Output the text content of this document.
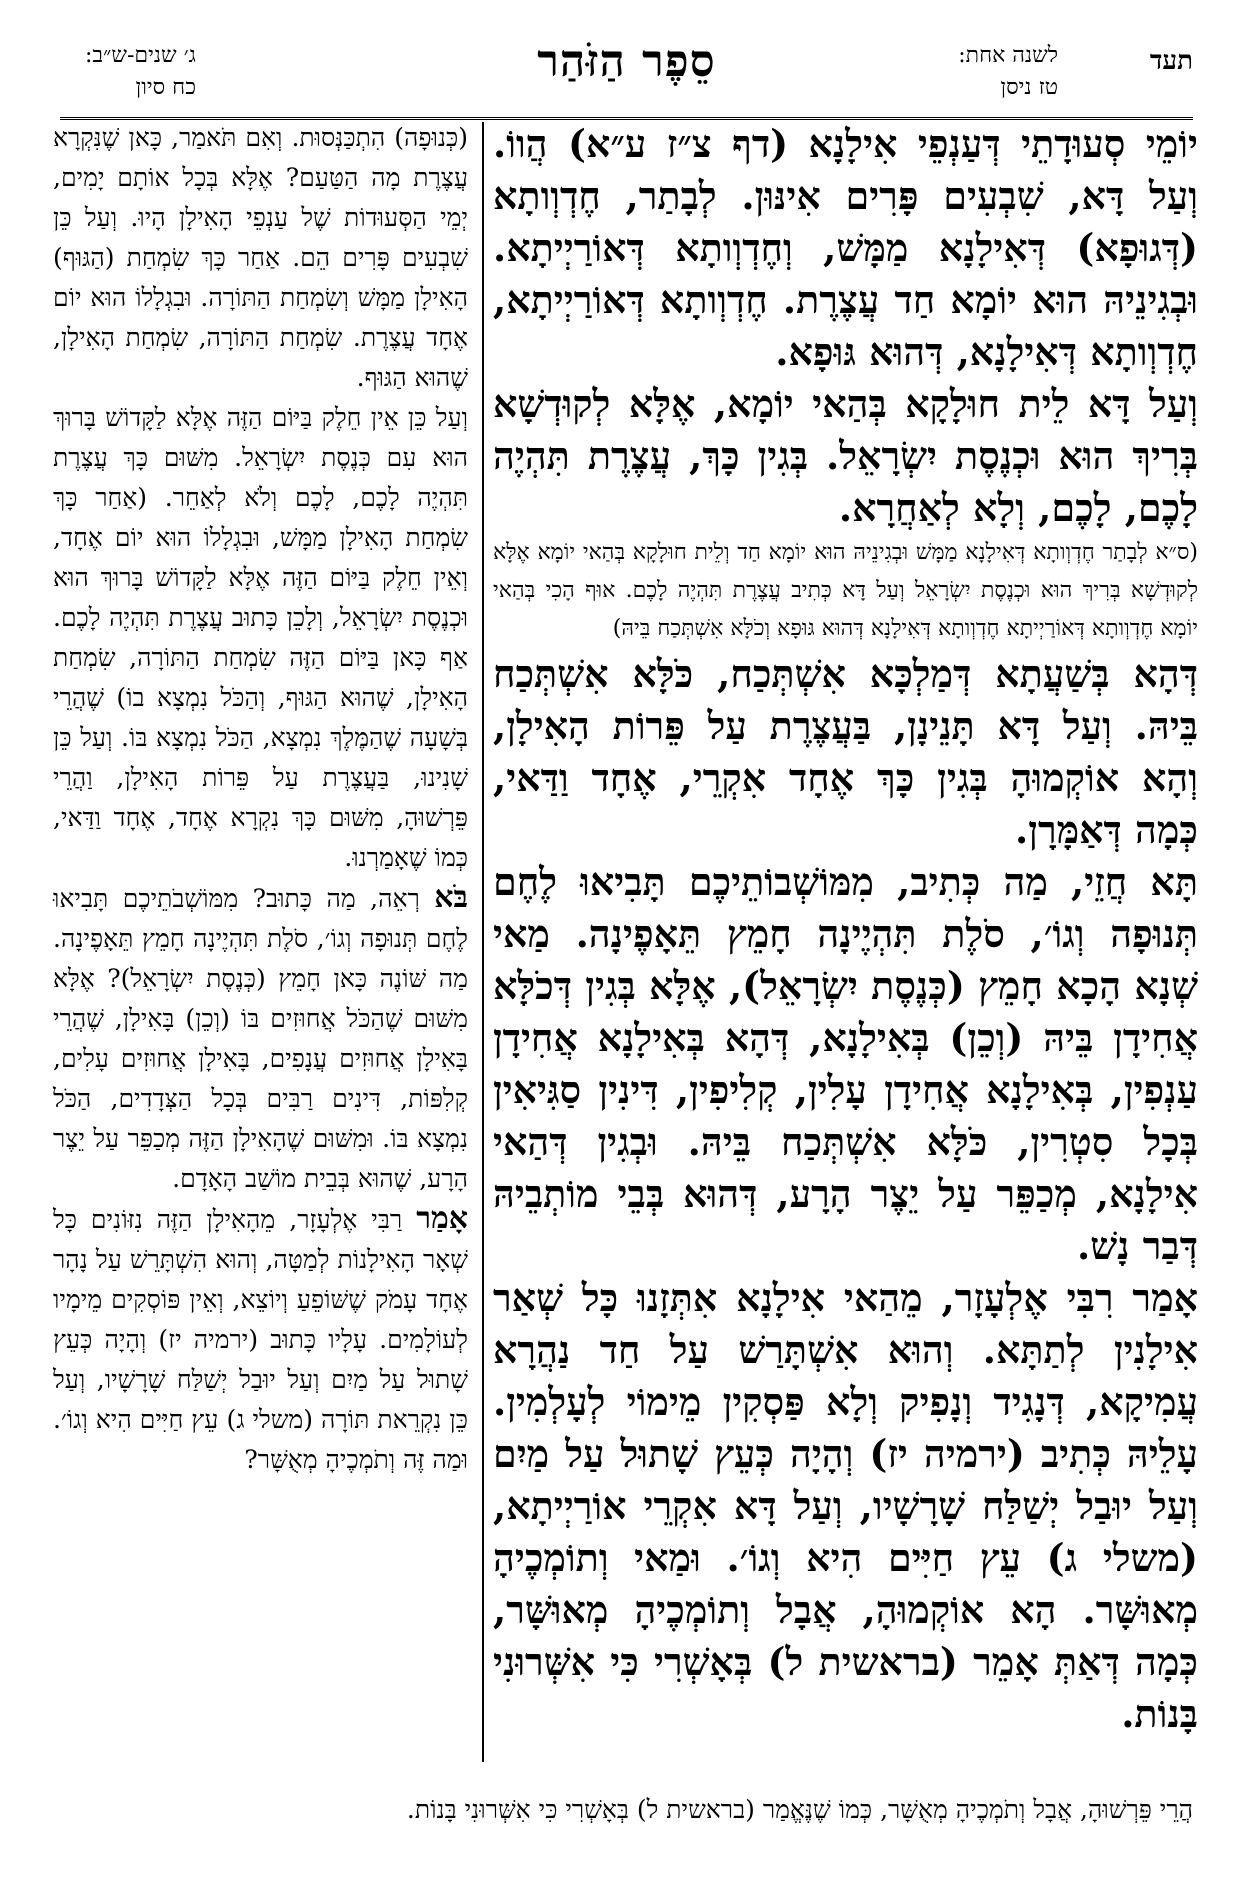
תעד
לשנה אחת:
טז ניסן
סֵפֶר הַזֹּהַר
ג׳ שנים-ש״ב:
כח סיון

יוֹמֵי סְעוּדָתֵי דְּעַנְפֵי אִילָנָא (דף צ״ז ע״א) הֲווֹ. וְעַל דָּא, שִׁבְעִים פָּרִים אִינּוּן. לְבָתַר, חֶדְוְותָא (דְּגוּפָא) דְּאִילָנָא מַמָּשׁ, וְחֶדְוְותָא דְּאוֹרַיְיתָא. וּבְגִינֵיהּ הוּא יוֹמָא חַד עֲצֶרֶת. חֶדְוְותָא דְּאוֹרַיְיתָא, חֶדְוְותָא דְּאִילָנָא, דְּהוּא גּוּפָא.

וְעַל דָּא לֵית חוּלָקָא בְּהַאי יוֹמָא, אֶלָּא לְקוּדְשָׁא בְּרִיךְ הוּא וּכְנֶסֶת יִשְׂרָאֵל. בְּגִין כָּךְ, עֲצֶרֶת תִּהְיֶה לָכֶם, לָכֶם, וְלָא לְאַחֲרָא.

(ס״א לְבָתַר חֶדְוְותָא דְּאִילָנָא מַמָּשׁ וּבְגִינֵיהּ הוּא יוֹמָא חַד וְלֵית חוּלָקָא בְּהַאי יוֹמָא אֶלָּא לְקוּדְשָׁא בְּרִיךְ הוּא וּכְנֶסֶת יִשְׂרָאֵל וְעַל דָּא כְּתִיב עֲצֶרֶת תִּהְיֶה לָכֶם. אוּף הָכִי בְּהַאי יוֹמָא חֶדְוְותָא דְּאוֹרַיְיתָא חֶדְוְותָא דְּאִילָנָא דְּהוּא גּוּפָא וְכֹלָּא אִשְׁתְּכַח בֵּיהּ)

דְּהָא בְּשַׁעֲתָא דְּמַלְכָּא אִשְׁתְּכַח, כֹּלָּא אִשְׁתְּכַח בֵּיהּ. וְעַל דָּא תָּנֵינָן, בַּעֲצֶרֶת עַל פֵּרוֹת הָאִילָן, וְהָא אוֹקְמוּהָ בְּגִין כָּךְ אֶחָד אִקְרֵי, אֶחָד וַדַּאי, כְּמָה דְּאַמָּרָן.

תָּא חֲזֵי, מַה כְּתִיב, מִמּוֹשְׁבוֹתֵיכֶם תָּבִיאוּ לֶחֶם תְּנוּפָה וְגוֹ׳, סֹלֶת תִּהְיֶינָה חָמֵץ תֵּאָפֶינָה. מַאי שְׁנָא הָכָא חָמֵץ (כְּנֶסֶת יִשְׂרָאֵל), אֶלָּא בְּגִין דְּכֹלָּא אֲחִידָן בֵּיהּ (וְכֵן) בְּאִילָנָא, דְּהָא בְּאִילָנָא אֲחִידָן עַנְפִין, בְּאִילָנָא אֲחִידָן עָלִין, קְלִיפִין, דִּינִין סַגִּיאִין בְּכָל סִטְרִין, כֹּלָּא אִשְׁתְּכַח בֵּיהּ. וּבְגִין דְּהַאי אִילָנָא, מְכַפֵּר עַל יֵצֶר הָרָע, דְּהוּא בְּבֵי מוֹתְבֵיהּ דְּבַר נָשׁ.

אָמַר רִבִּי אֶלְעָזָר, מֵהַאי אִילָנָא אִתְּזָנוּ כָּל שְׁאַר אִילָנִין לְתַתָּא. וְהוּא אִשְׁתָּרַשׁ עַל חַד נַהֲרָא עֲמִיקָא, דְּנָגִיד וְנָפִיק וְלָא פַּסְקִין מֵימוֹי לְעָלְמִין. עָלֵיהּ כְּתִיב (ירמיה יז) וְהָיָה כְּעֵץ שָׁתוּל עַל מַיִם וְעַל יוּבַל יְשַׁלַּח שָׁרָשָׁיו, וְעַל דָּא אִקְרֵי אוֹרַיְיתָא, (משלי ג) עֵץ חַיִּים הִיא וְגוֹ׳. וּמַאי וְתוֹמְכֶיהָ מְאוּשָּׁר. הָא אוֹקְמוּהָ, אֲבָל וְתוֹמְכֶיהָ מְאוּשָּׁר, כְּמָה דְּאַתְּ אָמֵר (בראשית ל) בְּאָשְׁרִי כִּי אִשְּׁרוּנִי בָּנוֹת.

(כְּנוּפָה) הִתְכַּנְּסוּת. וְאִם תֹּאמַר, כָּאן שֶׁנִּקְרָא עֲצֶרֶת מָה הַטַּעַם? אֶלָּא בְּכָל אוֹתָם יָמִים, יְמֵי הַסְּעוּדוֹת שֶׁל עַנְפֵי הָאִילָן הָיוּ. וְעַל כֵּן שִׁבְעִים פָּרִים הֵם. אַחַר כָּךְ שִׂמְחַת (הַגּוּף) הָאִילָן מַמָּשׁ וְשִׂמְחַת הַתּוֹרָה. וּבִגְלָלוֹ הוּא יוֹם אֶחָד עֲצֶרֶת. שִׂמְחַת הַתּוֹרָה, שִׂמְחַת הָאִילָן, שֶׁהוּא הַגּוּף.

וְעַל כֵּן אֵין חֵלֶק בַּיּוֹם הַזֶּה אֶלָּא לַקָּדוֹשׁ בָּרוּךְ הוּא עִם כְּנֶסֶת יִשְׂרָאֵל. מִשּׁוּם כָּךְ עֲצֶרֶת תִּהְיֶה לָכֶם, לָכֶם וְלֹא לְאַחֵר. (אַחַר כָּךְ שִׂמְחַת הָאִילָן מַמָּשׁ, וּבִגְלָלוֹ הוּא יוֹם אֶחָד, וְאֵין חֵלֶק בַּיּוֹם הַזֶּה אֶלָּא לַקָּדוֹשׁ בָּרוּךְ הוּא וּכְנֶסֶת יִשְׂרָאֵל, וְלָכֵן כָּתוּב עֲצֶרֶת תִּהְיֶה לָכֶם. אַף כָּאן בַּיּוֹם הַזֶּה שִׂמְחַת הַתּוֹרָה, שִׂמְחַת הָאִילָן, שֶׁהוּא הַגּוּף, וְהַכֹּל נִמְצָא בוֹ) שֶׁהֲרֵי בְּשָׁעָה שֶׁהַמֶּלֶךְ נִמְצָא, הַכֹּל נִמְצָא בּוֹ. וְעַל כֵּן שָׁנִינוּ, בַּעֲצֶרֶת עַל פֵּרוֹת הָאִילָן, וַהֲרֵי פֵּרְשׁוּהָ, מִשּׁוּם כָּךְ נִקְרָא אֶחָד, אֶחָד וַדַּאי, כְּמוֹ שֶׁאָמַרְנוּ.

בֹּא רְאֵה, מַה כָּתוּב? מִמּוֹשְׁבֹתֵיכֶם תָּבִיאוּ לֶחֶם תְּנוּפָה וְגוֹ׳, סֹלֶת תִּהְיֶינָה חָמֵץ תֵּאָפֶינָה. מַה שּׁוֹנֶה כָּאן חָמֵץ (כְּנֶסֶת יִשְׂרָאֵל)? אֶלָּא מִשּׁוּם שֶׁהַכֹּל אֲחוּזִים בּוֹ (וְכֵן) בָּאִילָן, שֶׁהֲרֵי בָּאִילָן אֲחוּזִים עֲנָפִים, בָּאִילָן אֲחוּזִים עָלִים, קְלִפּוֹת, דִּינִים רַבִּים בְּכָל הַצְּדָדִים, הַכֹּל נִמְצָא בּוֹ. וּמִשּׁוּם שֶׁהָאִילָן הַזֶּה מְכַפֵּר עַל יֵצֶר הָרָע, שֶׁהוּא בְּבֵית מוֹשַׁב הָאָדָם.

אָמַר רַבִּי אֶלְעָזָר, מֵהָאִילָן הַזֶּה נִזּוֹנִים כָּל שְׁאָר הָאִילָנוֹת לְמַטָּה, וְהוּא הִשְׁתָּרֵשׁ עַל נָהָר אֶחָד עָמֹק שֶׁשּׁוֹפֵעַ וְיוֹצֵא, וְאֵין פּוֹסְקִים מֵימָיו לְעוֹלָמִים. עָלָיו כָּתוּב (ירמיה יז) וְהָיָה כְּעֵץ שָׁתוּל עַל מַיִם וְעַל יוּבַל יְשַׁלַּח שָׁרָשָׁיו, וְעַל כֵּן נִקְרֵאת תּוֹרָה (משלי ג) עֵץ חַיִּים הִיא וְגוֹ׳. וּמַה זֶּה וְתֹמְכֶיהָ מְאֻשָּׁר?

הֲרֵי פֵּרְשׁוּהָ, אֲבָל וְתֹמְכֶיהָ מְאֻשָּׁר, כְּמוֹ שֶׁנֶּאֱמַר (בראשית ל) בְּאָשְׁרִי כִּי אִשְּׁרוּנִי בָּנוֹת.
